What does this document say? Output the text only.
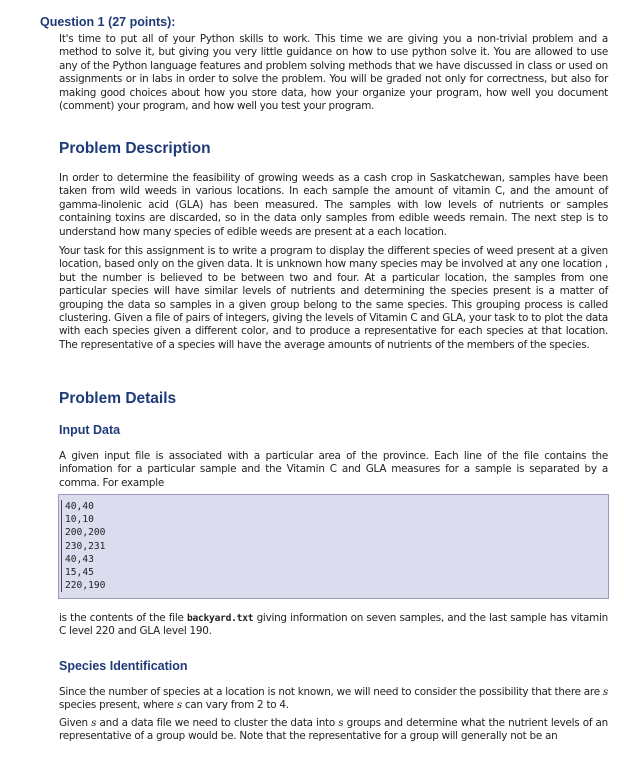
Question 1 (27 points):
It's time to put all of your Python skills to work. This time we are giving you a non-trivial problem and a method to solve it, but giving you very little guidance on how to use python solve it. You are allowed to use any of the Python language features and problem solving methods that we have discussed in class or used on assignments or in labs in order to solve the problem. You will be graded not only for correctness, but also for making good choices about how you store data, how your organize your program, how well you document (comment) your program, and how well you test your program.
Problem Description
In order to determine the feasibility of growing weeds as a cash crop in Saskatchewan, samples have been taken from wild weeds in various locations. In each sample the amount of vitamin C, and the amount of gamma-linolenic acid (GLA) has been measured. The samples with low levels of nutrients or samples containing toxins are discarded, so in the data only samples from edible weeds remain. The next step is to understand how many species of edible weeds are present at a each location.
Your task for this assignment is to write a program to display the different species of weed present at a given location, based only on the given data. It is unknown how many species may be involved at any one location , but the number is believed to be between two and four. At a particular location, the samples from one particular species will have similar levels of nutrients and determining the species present is a matter of grouping the data so samples in a given group belong to the same species. This grouping process is called clustering. Given a file of pairs of integers, giving the levels of Vitamin C and GLA, your task to to plot the data with each species given a different color, and to produce a representative for each species at that location. The representative of a species will have the average amounts of nutrients of the members of the species.
Problem Details
Input Data
A given input file is associated with a particular area of the province. Each line of the file contains the infomation for a particular sample and the Vitamin C and GLA measures for a sample is separated by a comma. For example
40,40
10,10
200,200
230,231
40,43
15,45
220,190
is the contents of the file backyard.txt giving information on seven samples, and the last sample has vitamin C level 220 and GLA level 190.
Species Identification
Since the number of species at a location is not known, we will need to consider the possibility that there are s species present, where s can vary from 2 to 4.
Given s and a data file we need to cluster the data into s groups and determine what the nutrient levels of an representative of a group would be. Note that the representative for a group will generally not be an
